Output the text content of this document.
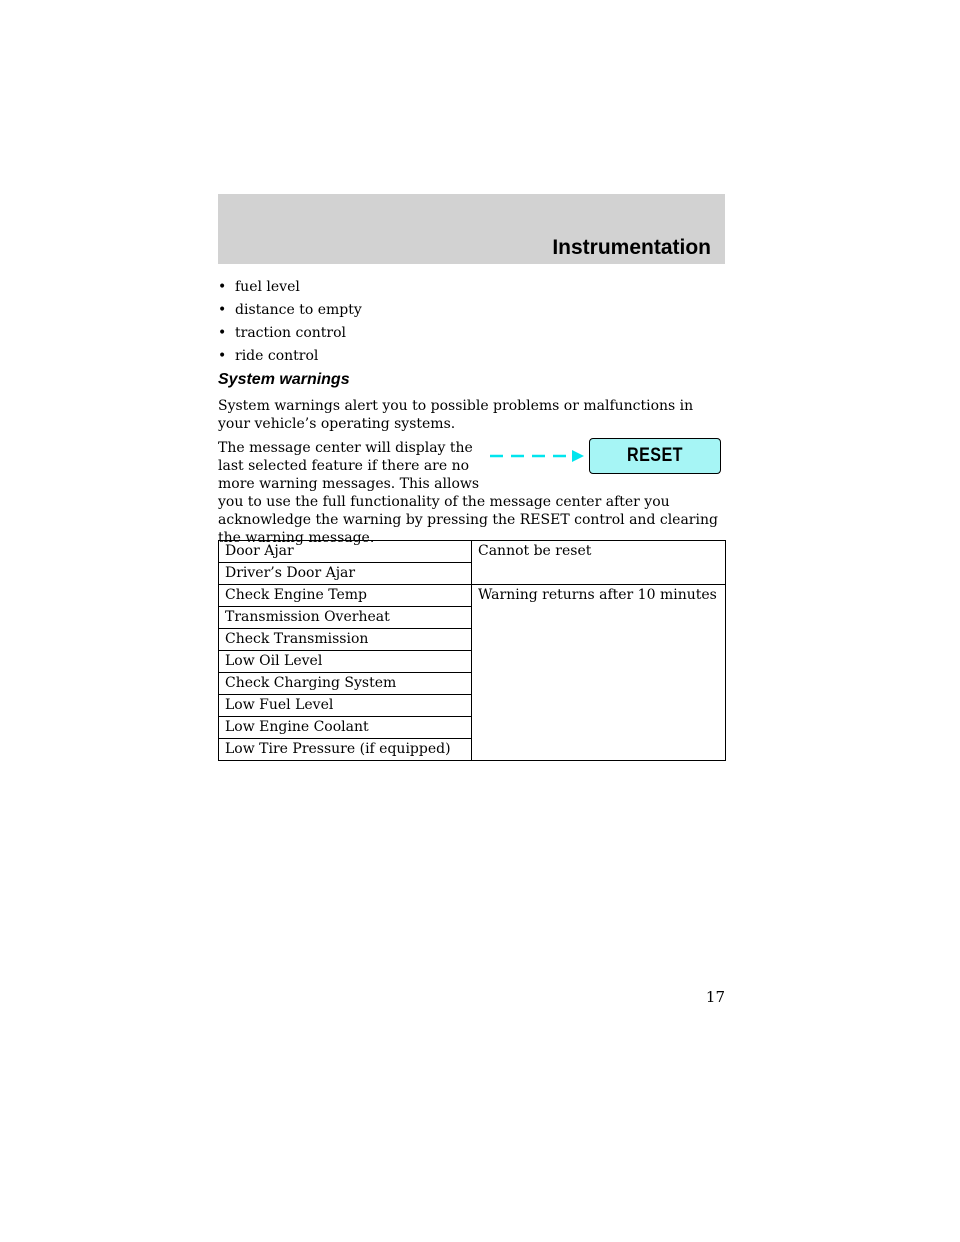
Instrumentation
• fuel level
• distance to empty
• traction control
• ride control
System warnings

System warnings alert you to possible problems or malfunctions in your vehicle’s operating systems.

The message center will display the last selected feature if there are no more warning messages. This allows

RESET

you to use the full functionality of the message center after you acknowledge the warning by pressing the RESET control and clearing the warning message.

Door Ajar	Cannot be reset
Driver’s Door Ajar	
Check Engine Temp	Warning returns after 10 minutes
Transmission Overheat	
Check Transmission	
Low Oil Level	
Check Charging System	
Low Fuel Level	
Low Engine Coolant	
Low Tire Pressure (if equipped)	
17
